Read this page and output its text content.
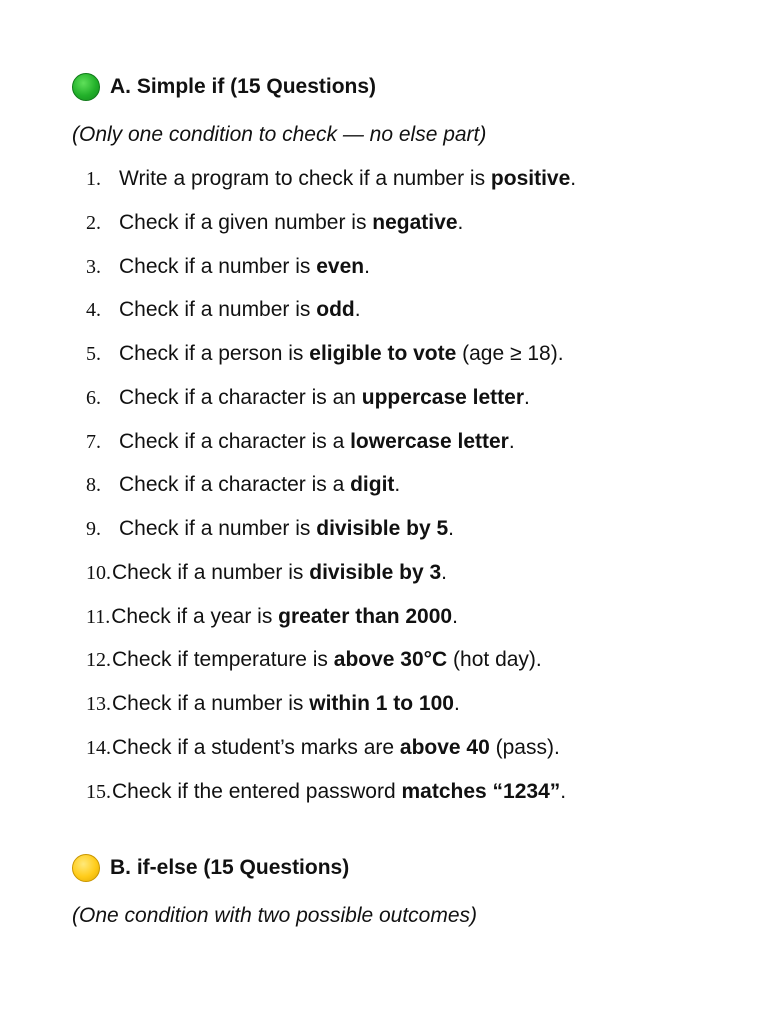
A. Simple if (15 Questions)
(Only one condition to check — no else part)
1. Write a program to check if a number is positive.
2. Check if a given number is negative.
3. Check if a number is even.
4. Check if a number is odd.
5. Check if a person is eligible to vote (age ≥ 18).
6. Check if a character is an uppercase letter.
7. Check if a character is a lowercase letter.
8. Check if a character is a digit.
9. Check if a number is divisible by 5.
10. Check if a number is divisible by 3.
11. Check if a year is greater than 2000.
12. Check if temperature is above 30°C (hot day).
13. Check if a number is within 1 to 100.
14. Check if a student’s marks are above 40 (pass).
15. Check if the entered password matches “1234”.
B. if-else (15 Questions)
(One condition with two possible outcomes)
